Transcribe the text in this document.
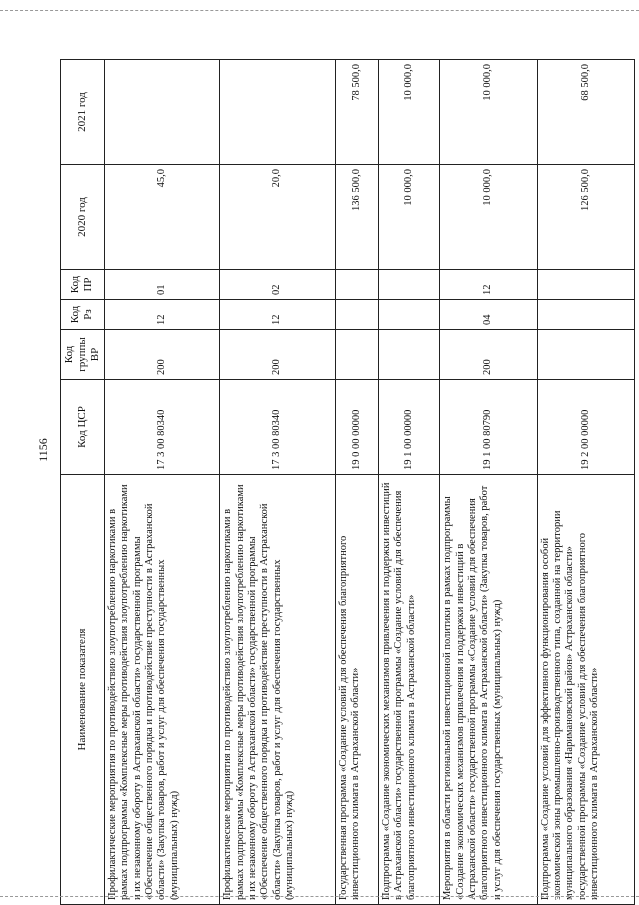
1156
Наименование показателя	Код ЦСР	Код группы ВР	Код Рз	Код ПР	2020 год	2021 год
Профилактические мероприятия по противодействию злоупотреблению наркотиками в рамках подпрограммы «Комплексные меры противодействия злоупотреблению наркотиками и их незаконному обороту в Астраханской области» государственной программы «Обеспечение общественного порядка и противодействие преступности в Астраханской области» (Закупка товаров, работ и услуг для обеспечения государственных (муниципальных) нужд)	17 3 00 80340	200	12	01	45,0	
Профилактические мероприятия по противодействию злоупотреблению наркотиками в рамках подпрограммы «Комплексные меры противодействия злоупотреблению наркотиками и их незаконному обороту в Астраханской области» государственной программы «Обеспечение общественного порядка и противодействие преступности в Астраханской области» (Закупка товаров, работ и услуг для обеспечения государственных (муниципальных) нужд)	17 3 00 80340	200	12	02	20,0	
Государственная программа «Создание условий для обеспечения благоприятного инвестиционного климата в Астраханской области»	19 0 00 00000				136 500,0	78 500,0
Подпрограмма «Создание экономических механизмов привлечения и поддержки инвестиций в Астраханской области» государственной программы «Создание условий для обеспечения благоприятного инвестиционного климата в Астраханской области»	19 1 00 00000				10 000,0	10 000,0
Мероприятия в области региональной инвестиционной политики в рамках подпрограммы «Создание экономических механизмов привлечения и поддержки инвестиций в Астраханской области» государственной программы «Создание условий для обеспечения благоприятного инвестиционного климата в Астраханской области» (Закупка товаров, работ и услуг для обеспечения государственных (муниципальных) нужд)	19 1 00 80790	200	04	12	10 000,0	10 000,0
Подпрограмма «Создание условий для эффективного функционирования особой экономической зоны промышленно-производственного типа, созданной на территории муниципального образования «Наримановский район» Астраханской области» государственной программы «Создание условий для обеспечения благоприятного инвестиционного климата в Астраханской области»	19 2 00 00000				126 500,0	68 500,0
